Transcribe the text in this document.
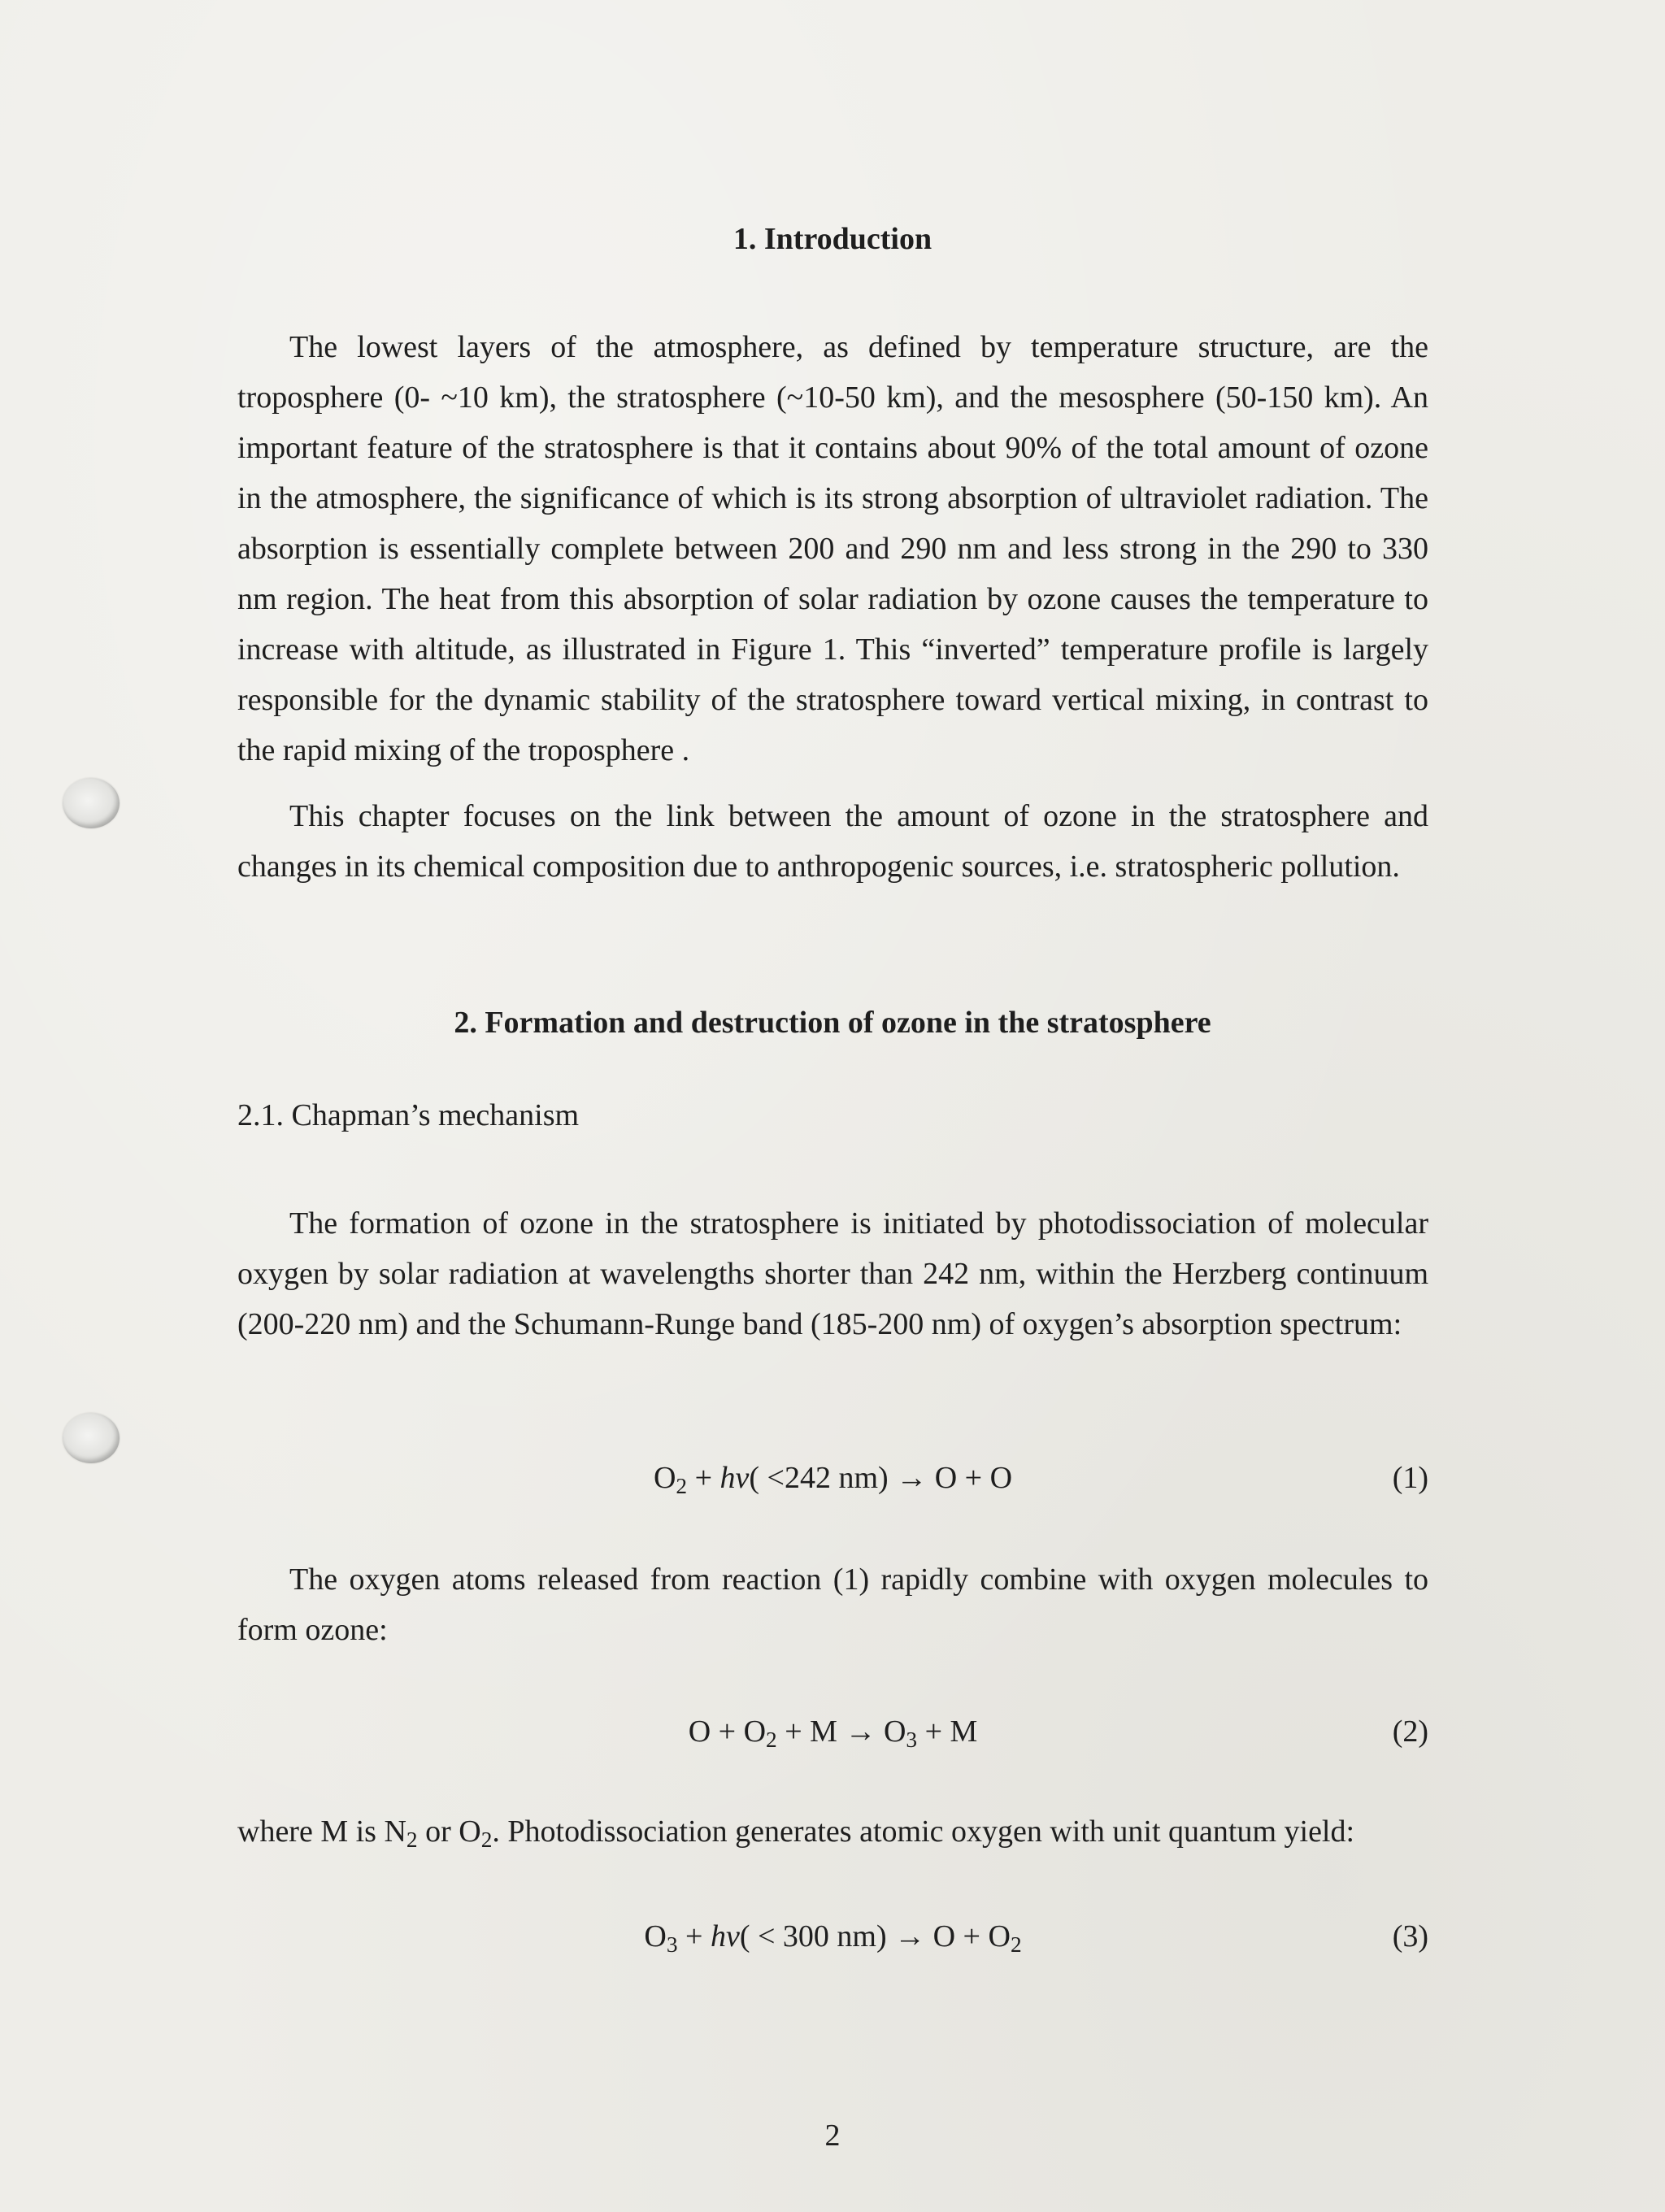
1. Introduction

The lowest layers of the atmosphere, as defined by temperature structure, are the troposphere (0- ~10 km), the stratosphere (~10-50 km), and the mesosphere (50-150 km). An important feature of the stratosphere is that it contains about 90% of the total amount of ozone in the atmosphere, the significance of which is its strong absorption of ultraviolet radiation. The absorption is essentially complete between 200 and 290 nm and less strong in the 290 to 330 nm region. The heat from this absorption of solar radiation by ozone causes the temperature to increase with altitude, as illustrated in Figure 1. This “inverted” temperature profile is largely responsible for the dynamic stability of the stratosphere toward vertical mixing, in contrast to the rapid mixing of the troposphere .

This chapter focuses on the link between the amount of ozone in the stratosphere and changes in its chemical composition due to anthropogenic sources, i.e. stratospheric pollution.

2. Formation and destruction of ozone in the stratosphere
2.1. Chapman’s mechanism

The formation of ozone in the stratosphere is initiated by photodissociation of molecular oxygen by solar radiation at wavelengths shorter than 242 nm, within the Herzberg continuum (200-220 nm) and the Schumann-Runge band (185-200 nm) of oxygen’s absorption spectrum:

$O_2 + h\nu( <242$ nm) → O + O	(1)

The oxygen atoms released from reaction (1) rapidly combine with oxygen molecules to form ozone:

$O + O_2 + M \to O_3 + M$	(2)

where M is $N_2$ or $O_2$. Photodissociation generates atomic oxygen with unit quantum yield:

$O_3 + h\nu( < 300$ $nm) \to O + O_2$	(3)
2
